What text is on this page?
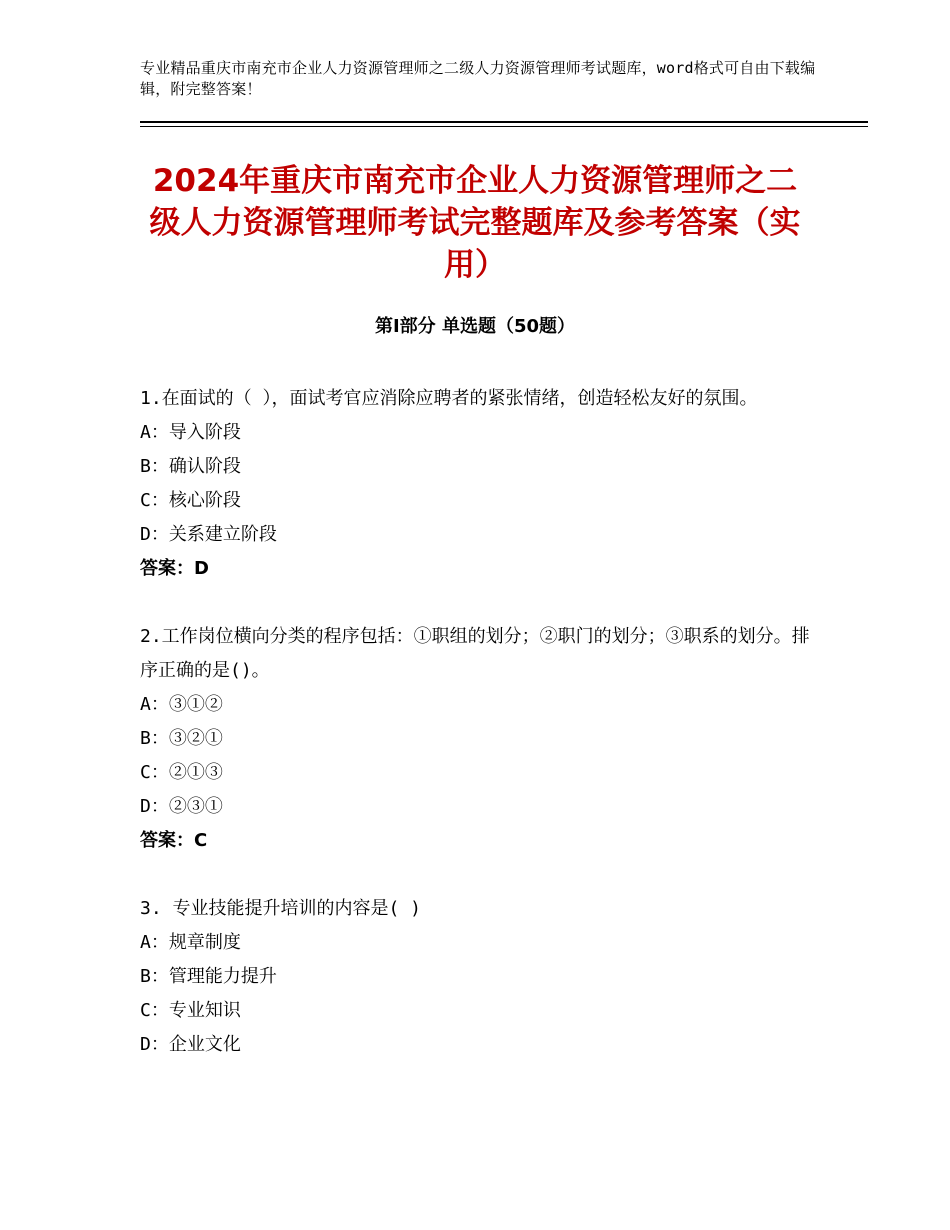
专业精品重庆市南充市企业人力资源管理师之二级人力资源管理师考试题库，word格式可自由下载编辑，附完整答案！
2024年重庆市南充市企业人力资源管理师之二级人力资源管理师考试完整题库及参考答案（实用）
第Ⅰ部分 单选题（50题）

1.在面试的（ ），面试考官应消除应聘者的紧张情绪，创造轻松友好的氛围。

A：导入阶段

B：确认阶段

C：核心阶段

D：关系建立阶段

答案：D

2.工作岗位横向分类的程序包括：①职组的划分；②职门的划分；③职系的划分。排序正确的是()。

A：③①②

B：③②①

C：②①③

D：②③①

答案：C

3. 专业技能提升培训的内容是( )

A：规章制度

B：管理能力提升

C：专业知识

D：企业文化
